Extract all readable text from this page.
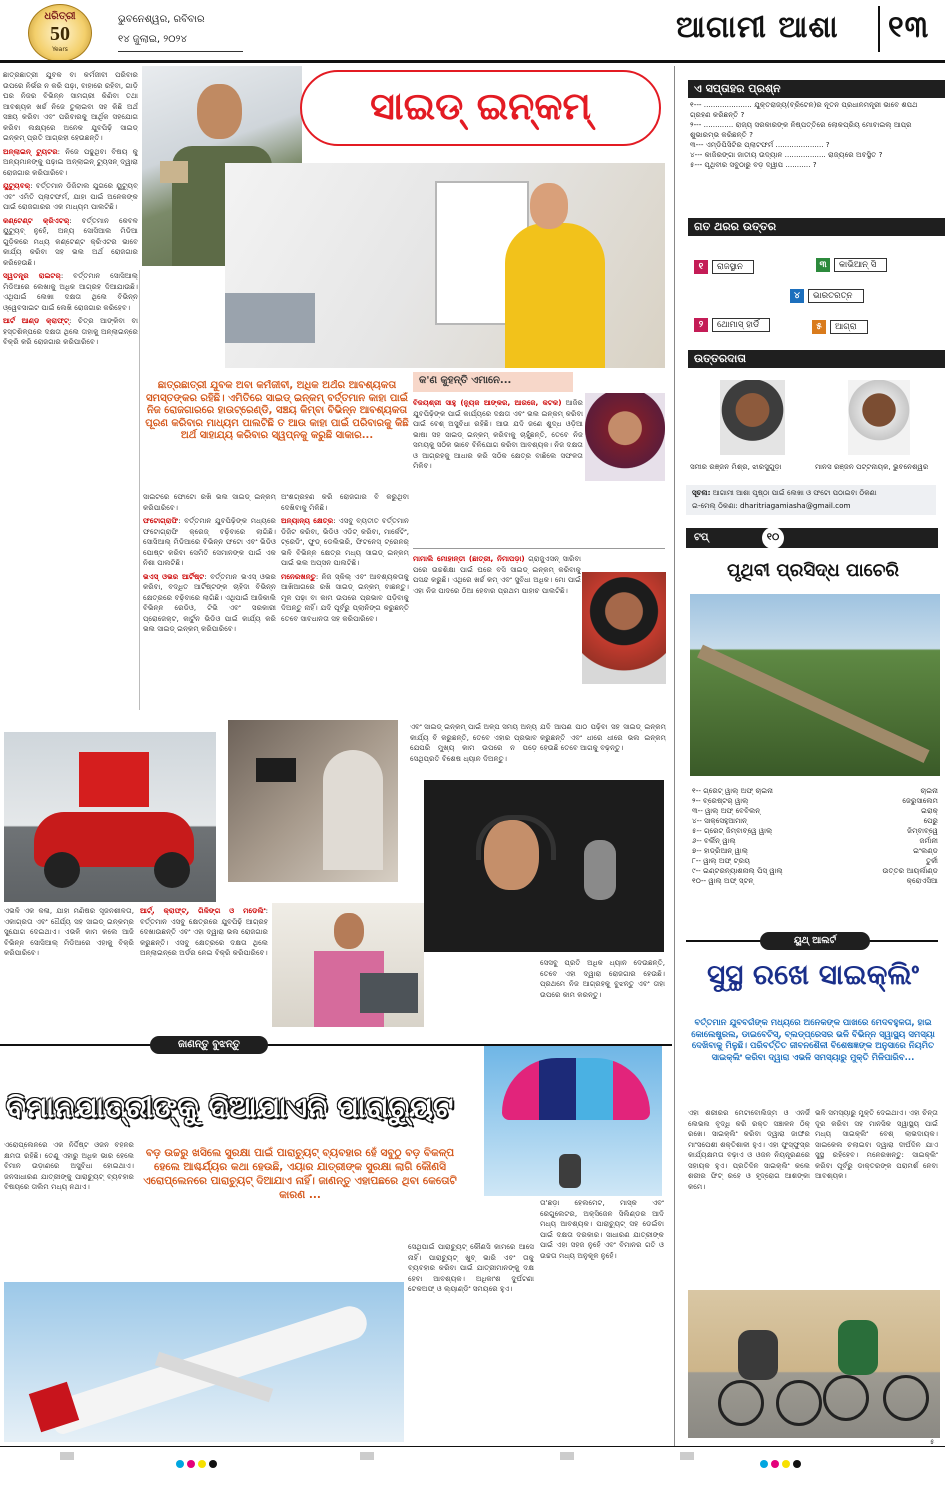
ଧରିତ୍ରୀ
50
Years
ଭୁବନେଶ୍ୱର, ରବିବାର
୧୪ ଜୁଲାଇ, ୨୦୨୪	ଆଗାମୀ ଆଶା ୧୩
ସାଇଡ୍ ଇନ୍‌କମ୍
ଛାତ୍ରଛାତ୍ରୀ ଯୁବକ ବା କର୍ମଜୀବୀ ପରିବାର ଉପରେ ନିର୍ଭର ନ କରି ପଢ଼ା, ବାହାରେ ରହିବା, ଗାଡ଼ି ଘର ନିଜର ବିଭିନ୍ନ ସାମଗ୍ରୀ କିଣିବା ତଥା ଆବଶ୍ୟକ ଖର୍ଚ୍ଚ ନିଜେ ତୁଲାଇବା ସହ କିଛି ଅର୍ଥ ସଞ୍ଚୟ କରିବା ଏବଂ ପରିବାରକୁ ଆର୍ଥିକ ସହଯୋଗ କରିବା ଲକ୍ଷ୍ୟରେ ଅନେକ ଯୁବପିଢ଼ି ସାଇଡ୍ ଇନ୍‌କମ୍ ପ୍ରତି ଆଗ୍ରହୀ ହେଉଛନ୍ତି।
ଅନ୍‌ଲାଇନ୍ ଟ୍ୟୁଟର: ନିଜେ ପଢୁଥିବା ବିଷୟ କୁ ଅନ୍ୟମାନଙ୍କୁ ପଢ଼ାଇ ଅନ୍‌ଲାଇନ୍ ଟ୍ୟୁସନ୍ ଦ୍ୱାରା ରୋଜଗାର କରିପାରିବେ।
ୟୁଟ୍ୟୁବର୍: ବର୍ତ୍ତମାନ ଡିଜିଟାଲ ଯୁଗରେ ୟୁଟ୍ୟୁବ୍ ଏବଂ ଏମିତି ପ୍ଲାଟଫର୍ମ, ଯାହା ପାଇଁ ଅନେକଙ୍କ ପାଇଁ ରୋଜଗାରର ଏକ ମାଧ୍ୟମ ପାଲଟିଛି।
କଣ୍ଟେଣ୍ଟ କ୍ରିଏଟର୍: ବର୍ତ୍ତମାନ କେବଳ ୟୁଟ୍ୟୁବ୍ ନୁହେଁ, ଅନ୍ୟ ସୋସିଆଲ ମିଡିଆ ଗୁଡ଼ିକରେ ମଧ୍ୟ କଣ୍ଟେଣ୍ଟ କ୍ରିଏଟର ଭାବେ କାର୍ଯ୍ୟ କରିବା ସହ ଭଲ ଅର୍ଥ ରୋଜଗାର କରିହେଉଛି।
ସ୍ୱତନ୍ତ୍ର ରାଇଟର୍: ବର୍ତ୍ତମାନ ସୋସିଆଲ୍ ମିଡିଆରେ ଲେଖାକୁ ଅଧିକ ଆଗ୍ରହ ଦିଆଯାଉଛି। ଏଥିପାଇଁ ଲେଖା ଦକ୍ଷତା ଥିଲେ ବିଭିନ୍ନ ଓ୍ୱେବସାଇଟ ପାଇଁ ଲେଖି ରୋଜଗାର କରିହେବ।
ଆର୍ଟ ଆଣ୍ଡ କ୍ରାଫ୍ଟ୍: ଚିତ୍ର ଆଙ୍କିବା ବା ହସ୍ତଶିଳ୍ପରେ ଦକ୍ଷତା ଥିଲେ ତାହାକୁ ଅନ୍‌ଲାଇନ୍‌ରେ ବିକ୍ରି କରି ରୋଜଗାର କରିପାରିବେ।
ଛାତ୍ରଛାତ୍ରୀ ଯୁବକ ଅବା କର୍ମଜୀବୀ, ଅଧିକ ଅର୍ଥର ଆବଶ୍ୟକତା ସମସ୍ତଙ୍କର ରହିଛି। ଏମିତିରେ ସାଇଡ୍ ଇନ୍‌କମ୍ ବର୍ତ୍ତମାନ କାହା ପାଇଁ ନିଜ ରୋଜଗାରରେ ହାଉଟ୍ରେଣ୍ଡି, ସଞ୍ଚୟ କିମ୍ବା ବିଭିନ୍ନ ଆବଶ୍ୟକତା ପୂରଣ କରିବାର ମାଧ୍ୟମ ପାଲଟିଛି ତ ଆଉ କାହା ପାଇଁ ପରିବାରକୁ କିଛି ଅର୍ଥ ସାହାଯ୍ୟ କରିବାର ସ୍ୱପ୍ନକୁ କରୁଛି ସାକାର...
ସାଇଟରେ ଫୋଟୋ ରଖି ଭଲ ସାଇଡ୍ ଇନ୍‌କମ୍ କରିପାରିବେ।
ଫଟୋଗ୍ରାଫି: ବର୍ତ୍ତମାନ ଯୁବପିଢ଼ିଙ୍କ ମଧ୍ୟରେ ଫଟୋଗ୍ରାଫି କ୍ରେଜ୍ ବଢ଼ିବାରେ ଲାଗିଛି। ସୋସିଆଲ୍ ମିଡିଆରେ ବିଭିନ୍ନ ଫଟୋ ଏବଂ ଭିଡିଓ ପୋଷ୍ଟ କରିବା ସେମିତି ସେମାନଙ୍କ ପାଇଁ ଏକ ନିଶା ପାଲଟିଛି।
ଭଏସ୍ ଓଭର ଆର୍ଟିଷ୍ଟ: ବର୍ତ୍ତମାନ ଭଏସ୍ ଓଭର କରିବା, ବଦ୍ଧିତ ଆର୍ଟିଷ୍ଟଙ୍କ ଚାହିଦା ବିଭିନ୍ନ କ୍ଷେତ୍ରରେ ବଢ଼ିବାରେ ଲାଗିଛି। ଏଥିପାଇଁ ଆଜିକାଲି ବିଭିନ୍ନ ରେଡିଓ, ଟିଭି ଏବଂ ସରକାରୀ ପ୍ରୋଜେକ୍ଟ, କାର୍ଟୁନ ଭିଡିଓ ପାଇଁ କାର୍ଯ୍ୟ କରି ଭଲ ସାଇଡ୍ ଇନ୍‌କମ୍ କରିପାରିବେ।
ଅଂଶଗ୍ରହଣ କରି ରୋଜଗାର ବି କରୁଥିବା ଦେଖିବାକୁ ମିଳିଛି।
ଅନ୍ୟାନ୍ୟ କ୍ଷେତ୍ର: ଏସବୁ ବ୍ୟତୀତ ବର୍ତ୍ତମାନ ଡିଜିଟ କରିବା, ଭିଡିଓ ଏଡିଟ୍ କରିବା, ମାର୍କେଟିଂ, ଟ୍ରେଡିଂ, ଫୁଡ୍ ଡେଲିଭରି, ଫିଟନେସ୍ ଟ୍ରେନର୍ ଭଳି ବିଭିନ୍ନ କ୍ଷେତ୍ର ମଧ୍ୟ ସାଇଡ୍ ଇନ୍‌କମ୍ ପାଇଁ ଭଲ ଅପ୍ସନ ପାଲଟିଛି।
ମନେରଖନ୍ତୁ: ନିଜ ସ୍କିଲ୍ ଏବଂ ଆବଶ୍ୟକତାକୁ ଆଖିଆଗରେ ରଖି ସାଇଡ୍ ଇନ୍‌କମ୍ ବାଛନ୍ତୁ। ମୂଳ ପଢ଼ା ବା କାମ ଉପରେ ପ୍ରଭାବ ପଡ଼ିବାକୁ ଦିଅନ୍ତୁ ନାହିଁ। ଯଦି ପୂର୍ବରୁ ପ୍ଲାନିଙ୍ଗ କରୁଛନ୍ତି ତେବେ ସାବଧାନତା ସହ କରିପାରିବେ।
କ'ଣ କୁହନ୍ତି ଏମାନେ...
ବିଜୟଶ୍ରୀ ସାହୁ (ନ୍ୟୁଜ ଆଙ୍କର, ଆରଜେ, କଟକ) ଆଜିର ଯୁବପିଢ଼ିଙ୍କ ପାଇଁ କାର୍ଯ୍ୟରେ ଦକ୍ଷତା ଏବଂ ଭଲ ଇନ୍‌କମ୍ କରିବା ପାଇଁ ବେଶ୍ ଅସୁବିଧା ରହିଛି। ଆଉ ଯଦି ଜଣେ ଶୁଦ୍ଧ ଓଡ଼ିଆ ଭାଷା ସହ ସାଇଡ୍ ଇନ୍‌କମ୍ କରିବାକୁ ଚାହୁଁଛନ୍ତି, ତେବେ ନିଜ ସମୟକୁ ସଠିକ ଭାବେ ବିନିଯୋଗ କରିବା ଆବଶ୍ୟକ। ନିଜ ଦକ୍ଷତା ଓ ଆଗ୍ରହକୁ ଆଧାର କରି ସଠିକ କ୍ଷେତ୍ର ବାଛିଲେ ସଫଳତା ମିଳିବ।
ମାମାଲି ମୋହାନ୍ତୀ (ଛାତ୍ରୀ, ନିମାପଡ଼ା) ଗ୍ରାଜୁଏସନ୍ ସାରିବା ପରେ ଉଚ୍ଚଶିକ୍ଷା ପାଇଁ ଘରେ ବସି ସାଇଡ୍ ଇନ୍‌କମ୍ କରିବାକୁ ପସନ୍ଦ କରୁଛି। ଏଥିରେ ଖର୍ଚ୍ଚ କମ୍ ଏବଂ ସୁବିଧା ଅଧିକ। ମୋ ପାଇଁ ଏହା ନିଜ ପାଦରେ ଠିଆ ହେବାର ପ୍ରଥମ ପାହାଚ ପାଲଟିଛି।
ଏବଂ ସାଇଡ୍ ଇନ୍‌କମ୍ ପାଇଁ ଅଳ୍ପ ସମୟ ଅନ୍ୟ କାର୍ଯ୍ୟ ବି କରୁଛନ୍ତି, ତେବେ ଏହାର ପ୍ରଭାବ ଯେପରି ମୁଖ୍ୟ କାମ ଉପରେ ନ ପଡ଼େ ସେଥିପ୍ରତି ବିଶେଷ ଧ୍ୟାନ ଦିଅନ୍ତୁ।
ଯଦି ଆପଣ ପାଠ ପଢ଼ିବା ସହ ସାଇଡ୍ ଇନ୍‌କମ୍ କରୁଛନ୍ତି ଏବଂ ଧୀରେ ଧୀରେ ଭଲ ଇନ୍‌କମ୍ ହେଉଛି ତେବେ ଆଗକୁ ବଢ଼ନ୍ତୁ।
ଏଭଳି ଏକ କଳା, ଯାହା ମଣିଷର ସୃଜନଶୀଳତା, ଏକାଗ୍ରତା ଏବଂ ଧୈର୍ଯ୍ୟ ସହ ସାଇଡ୍ ଇନ୍‌କମ୍‌ର ସୁଯୋଗ ଦେଇଥାଏ। ଏଭଳି କାମ କଲେ ଆଜି ବିଭିନ୍ନ ସୋସିଆଲ୍ ମିଡିଆରେ ଏହାକୁ ବିକ୍ରି କରିପାରିବେ।
ଆର୍ଟ୍, କ୍ରାଫ୍ଟ୍, ଗିଳିଙ୍ଗ ଓ ମଡେଲିଂ: ବର୍ତ୍ତମାନ ଏସବୁ କ୍ଷେତ୍ରରେ ଯୁବପିଢ଼ି ଆଗ୍ରହ ଦେଖାଉଛନ୍ତି ଏବଂ ଏହା ଦ୍ୱାରା ଭଲ ରୋଜଗାର କରୁଛନ୍ତି। ଏସବୁ କ୍ଷେତ୍ରରେ ଦକ୍ଷତା ଥିଲେ ଅନ୍‌ଲାଇନ୍‌ରେ ଅର୍ଡର ନେଇ ବିକ୍ରି କରିପାରିବେ।
ସେସବୁ ପ୍ରତି ଅଧିକ ଧ୍ୟାନ ଦେଉଛନ୍ତି, ତେବେ ଏହା ଦ୍ୱାରା ରୋଜଗାର ହେଉଛି। ପ୍ରଥମେ ନିଜ ଆଗ୍ରହକୁ ବୁଝନ୍ତୁ ଏବଂ ତାହା ଉପରେ କାମ କରନ୍ତୁ।
ଜାଣନ୍ତୁ ବୁଝନ୍ତୁ
ବିମାନଯାତ୍ରୀଙ୍କୁ ଦିଆଯାଏନି ପାରାଚ୍ୟୁଟ
ବଡ଼ ଉଚ୍ଚରୁ ଖସିଲେ ସୁରକ୍ଷା ପାଇଁ ପାରାଚ୍ୟୁଟ୍ ବ୍ୟବହାର ହେଁ ସବୁଠୁ ବଡ଼ ବିକଳ୍ପ ହେଲେ ଆଶ୍ଚର୍ଯ୍ୟର କଥା ହେଉଛି, ଏୟାର ଯାତ୍ରୀଙ୍କ ସୁରକ୍ଷା ଲାଗି କୌଣସି ଏରୋପ୍ଲେନରେ ପାରାଚ୍ୟୁଟ୍ ଦିଆଯାଏ ନାହିଁ। ଜାଣନ୍ତୁ ଏହାପଛରେ ଥିବା କେତୋଟି କାରଣ ...
ଏରୋପ୍ଲେନରେ ଏକ ନିର୍ଦ୍ଦିଷ୍ଟ ଓଜନ ବହନର କ୍ଷମତା ରହିଛି। ତେଣୁ ଏହାରୁ ଅଧିକ ଭାର ହେଲେ ବିମାନ ଉଡ଼ାଣରେ ଅସୁବିଧା ହୋଇଥାଏ। ଜନସାଧାରଣ ଯାତ୍ରୀଙ୍କୁ ପାରାଚ୍ୟୁଟ୍ ବ୍ୟବହାର ବିଷୟରେ ତାଲିମ ମଧ୍ୟ ନଥାଏ।
ସେଥିପାଇଁ ପାରାଚ୍ୟୁଟ୍ କୌଣସି କାମରେ ଆସେ ନାହିଁ। ପାରାଚ୍ୟୁଟ୍ ଖୁବ୍ ଭାରି ଏବଂ ତାକୁ ବ୍ୟବହାର କରିବା ପାଇଁ ଯାତ୍ରୀମାନଙ୍କୁ ଦକ୍ଷ ହେବା ଆବଶ୍ୟକ। ଅଧିକାଂଶ ଦୁର୍ଘଟଣା ଟେକଅଫ୍ ଓ ଲ୍ୟାଣ୍ଡିଂ ସମୟରେ ହୁଏ।
ତା'ଛଡ଼ା ହେଲମେଟ, ମାସ୍କ ଏବଂ ରେଗୁଲେଟର, ଅକ୍ସିଜେନ ସିଲିଣ୍ଡର ଆଦି ମଧ୍ୟ ଆବଶ୍ୟକ। ପାରାଚ୍ୟୁଟ୍ ସହ ଡେଇଁବା ପାଇଁ ଦକ୍ଷତା ଦରକାର। ସାଧାରଣ ଯାତ୍ରୀଙ୍କ ପାଇଁ ଏହା ସହଜ ନୁହେଁ ଏବଂ ବିମାନର ଗତି ଓ ଉଚ୍ଚତା ମଧ୍ୟ ଅନୁକୂଳ ନୁହେଁ।
ଏ ସପ୍ତାହର ପ୍ରଶ୍ନ
୧--- ..................... ଯୁକ୍ତରାଜ୍ୟ(ବ୍ରିଟେନ)ର ନୂତନ ପ୍ରଧାନମନ୍ତ୍ରୀ ଭାବେ ଶପଥ ଗ୍ରହଣ କରିଛନ୍ତି ?
୨--- ............. ରାଜ୍ୟ ସରକାରଙ୍କ ନିଷ୍ପତ୍ତିରେ ଲୋକପ୍ରିୟ ମୋବାଇଲ୍ ଆପ୍‌ର ଶୁଭାରମ୍ଭ କରିଛନ୍ତି ?
୩--- ଏମ୍‌ଡିପିସିଟିର ପ୍ଲାଟଫର୍ମ ..................... ?
୪--- କାଜିରଙ୍ଗା ଜାତୀୟ ଉଦ୍ୟାନ .................. ରାଜ୍ୟରେ ଅବସ୍ଥିତ ?
୫--- ପୃଥିବୀର ସବୁଠାରୁ ବଡ଼ ଦ୍ୱୀପ ........... ?
ଗତ ଥରର ଉତ୍ତର
୧	ରାଜସ୍ଥାନ	୩	କାଭିଆନ୍ ସି
୪	ଭାରତରତ୍ନ
୨	ଥୋମାସ୍ ହାର୍ଡି	୫	ଆଗ୍ରା
ଉତ୍ତରଦାତା
ସମୀର ରଞ୍ଜନ ମିଶ୍ର, ଝାରସୁଗୁଡ଼ା	ମାନସ ରଞ୍ଜନ ପଟ୍ଟନାୟକ, ଭୁବନେଶ୍ୱର
ସୂଚନା: ଆଗାମୀ ଆଶା ପୃଷ୍ଠା ପାଇଁ ଲେଖା ଓ ଫଟୋ ପଠାଇବା ଠିକଣା
ଇ-ମେଲ୍ ଠିକଣା: dharitriagamiasha@gmail.com
ଟପ୍	୧୦
ପୃଥିବୀ ପ୍ରସିଦ୍ଧ ପାଚେରି
୧-- ଗ୍ରେଟ୍ ୱାଲ୍ ଅଫ୍ ଚାଇନା	ଚାଇନା
୨-- ବ୍ରେଷ୍ଟର୍ ୱାଲ୍	ଜେରୁସାଲେମ
୩-- ୱାଲ୍ ଅଫ୍ ବେବିଲନ୍	ଇରାକ୍
୪-- ସାକ୍ସେହୁଆମାନ୍	ପେରୁ
୫-- ଗ୍ରେଟ୍ ଜିମ୍ବାବ୍ୱେ ୱାଲ୍	ଜିମ୍ବାବ୍ୱେ
୬-- ବର୍ଲିନ୍ ୱାଲ୍	ଜର୍ମାନୀ
୭-- ହାଡ୍ରିଆନ୍ ୱାଲ୍	ଇଂଲଣ୍ଡ
୮-- ୱାଲ୍ ଅଫ୍ ଟ୍ରୟ	ତୁର୍କୀ
୯-- ଇଣ୍ଟରନ୍ୟାଶନାଲ୍ ପିସ୍ ୱାଲ୍	ଉତ୍ତର ଆୟର୍ଲାଣ୍ଡ
୧୦-- ୱାଲ୍ ଅଫ୍ ସ୍ଟନ୍	କ୍ରୋଏସିଆ
ୟୁଥ୍ ଆଲର୍ଟ
ସୁସ୍ଥ ରଖେ ସାଇକ୍ଲିଂ
ବର୍ତ୍ତମାନ ଯୁବବର୍ଗଙ୍କ ମଧ୍ୟରେ ଅନେକଙ୍କ ପାଖରେ ମେଦବହୁଳତା, ହାଇ କୋଲେଷ୍ଟ୍ରଲ, ଡାଇବେଟିସ୍, ବ୍ଲଡ୍‌ପ୍ରେସର ଭଳି ବିଭିନ୍ନ ସ୍ୱାସ୍ଥ୍ୟ ସମସ୍ୟା ଦେଖିବାକୁ ମିଳୁଛି। ପରିବର୍ତ୍ତିତ ଜୀବନଶୈଳୀ ବିଶେଷଜ୍ଞଙ୍କ ଅନୁସାରେ ନିୟମିତ ସାଇକ୍ଲିଂ କରିବା ଦ୍ୱାରା ଏଭଳି ସମସ୍ୟାରୁ ମୁକ୍ତି ମିଳିପାରିବ...
ଏହା ଶରୀରର ମେଟାବୋଲିଜ୍ମ ଓ ଏନର୍ଜି ଲେଭଲ ବୃଦ୍ଧି କରି ରକ୍ତ ସଞ୍ଚାଳନ ଠିକ୍ ରଖେ। ସାଇକ୍ଲିଂ କରିବା ଦ୍ୱାରା ଜାଙ୍ଘର ମାଂସପେଶୀ ଶକ୍ତିଶାଳୀ ହୁଏ। ଏହା ଫୁସ୍‌ଫୁସ୍‌ର କାର୍ଯ୍ୟକ୍ଷମତା ବଢ଼ାଏ ଓ ଓଜନ ନିୟନ୍ତ୍ରଣରେ ସହାୟକ ହୁଏ। ପ୍ରତିଦିନ ସାଇକ୍ଲିଂ କଲେ ଶରୀର ଫିଟ୍ ରହେ ଓ ହୃଦ୍‌ରୋଗ ଆଶଙ୍କା କମେ।
ଭଳି ସମସ୍ୟାରୁ ମୁକ୍ତି ଦେଇଥାଏ। ଏହା ଚିନ୍ତା ଦୂର କରିବା ସହ ମାନସିକ ସ୍ୱାସ୍ଥ୍ୟ ପାଇଁ ମଧ୍ୟ ସାଇକ୍ଲିଂ ବେଶ୍ ଲାଭଦାୟକ। ସାଇକେଲ ଚଲାଇବା ଦ୍ୱାରା ଦୀର୍ଘଦିନ ଯାଏ ସୁସ୍ଥ ରହିହେବ। ମନେରଖନ୍ତୁ: ସାଇକ୍ଲିଂ କରିବା ପୂର୍ବରୁ ଡାକ୍ତରଙ୍କ ପରାମର୍ଶ ନେବା ଆବଶ୍ୟକ।
୫
